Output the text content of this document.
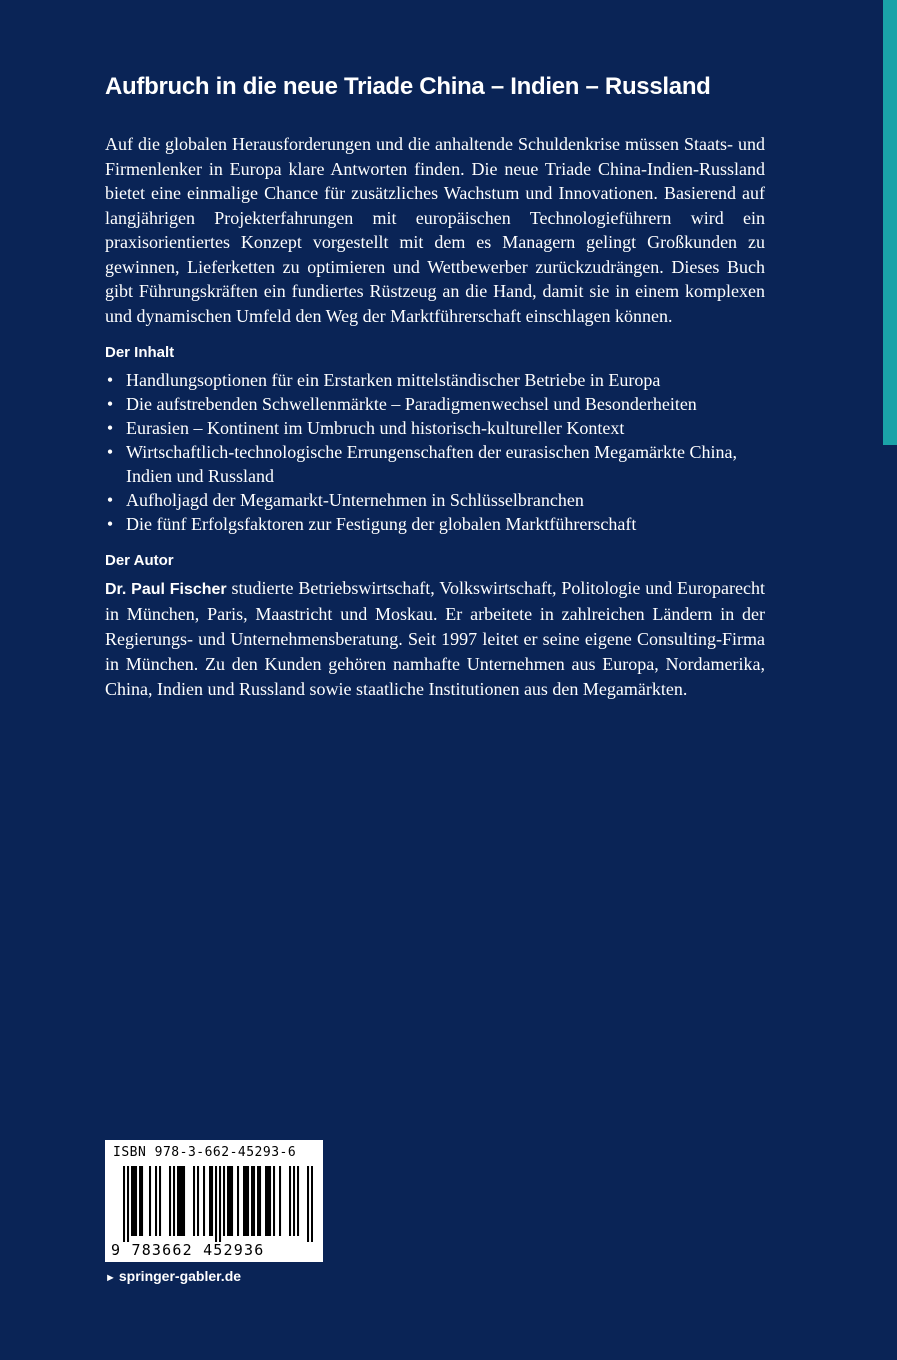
Aufbruch in die neue Triade China – Indien – Russland

Auf die globalen Herausforderungen und die anhaltende Schuldenkrise müssen Staats- und Firmenlenker in Europa klare Antworten finden. Die neue Triade China-Indien-Russland bietet eine einmalige Chance für zusätzliches Wachstum und Innovationen. Basierend auf langjährigen Projekterfahrungen mit europäischen Technologieführern wird ein praxisorientiertes Konzept vorgestellt mit dem es Managern gelingt Großkunden zu gewinnen, Lieferketten zu optimieren und Wettbewerber zurückzudrängen. Dieses Buch gibt Führungskräften ein fundiertes Rüstzeug an die Hand, damit sie in einem komplexen und dynamischen Umfeld den Weg der Marktführerschaft einschlagen können.

Der Inhalt
• Handlungsoptionen für ein Erstarken mittelständischer Betriebe in Europa
• Die aufstrebenden Schwellenmärkte – Paradigmenwechsel und Besonderheiten
• Eurasien – Kontinent im Umbruch und historisch-kultureller Kontext
• Wirtschaftlich-technologische Errungenschaften der eurasischen Megamärkte China, Indien und Russland
• Aufholjagd der Megamarkt-Unternehmen in Schlüsselbranchen
• Die fünf Erfolgsfaktoren zur Festigung der globalen Marktführerschaft
Der Autor

Dr. Paul Fischer studierte Betriebswirtschaft, Volkswirtschaft, Politologie und Europarecht in München, Paris, Maastricht und Moskau. Er arbeitete in zahlreichen Ländern in der Regierungs- und Unternehmensberatung. Seit 1997 leitet er seine eigene Consulting-Firma in München. Zu den Kunden gehören namhafte Unternehmen aus Europa, Nordamerika, China, Indien und Russland sowie staatliche Institutionen aus den Megamärkten.

ISBN 978-3-662-45293-6
9 783662 452936
► springer-gabler.de
